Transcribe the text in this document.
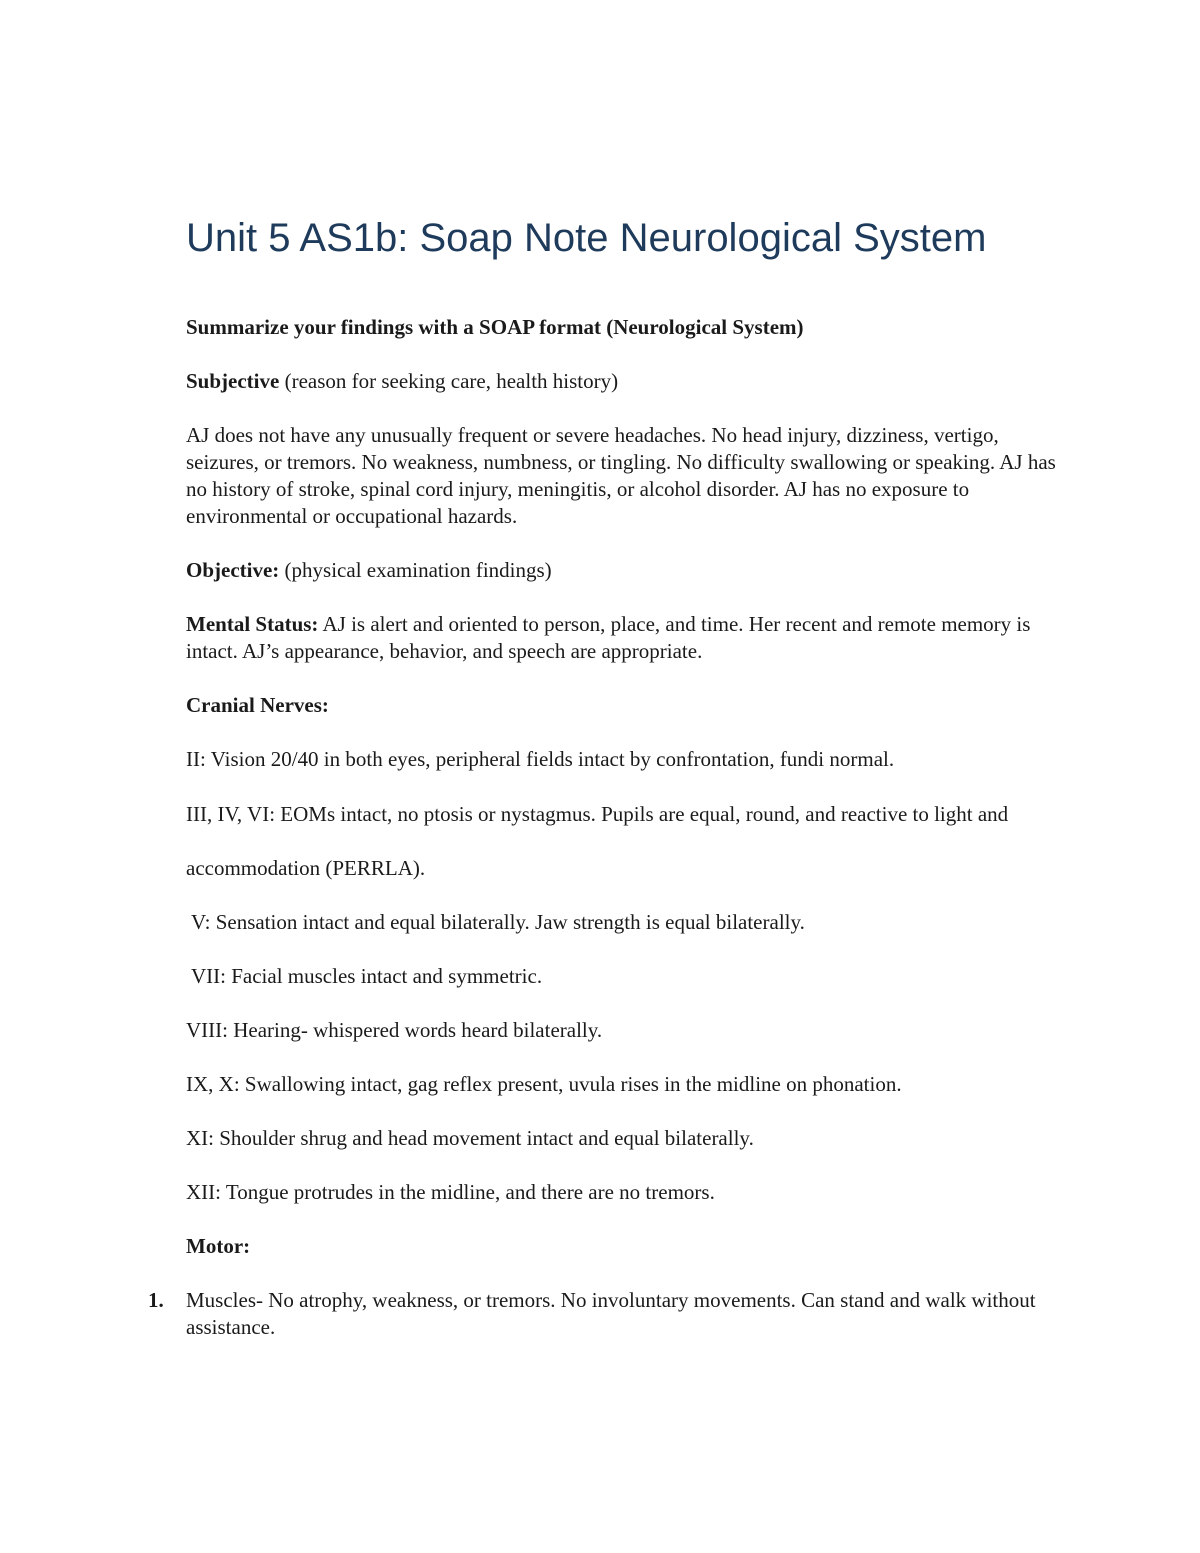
Unit 5 AS1b: Soap Note Neurological System

Summarize your findings with a SOAP format (Neurological System)

Subjective (reason for seeking care, health history)

AJ does not have any unusually frequent or severe headaches. No head injury, dizziness, vertigo, seizures, or tremors. No weakness, numbness, or tingling. No difficulty swallowing or speaking. AJ has no history of stroke, spinal cord injury, meningitis, or alcohol disorder. AJ has no exposure to environmental or occupational hazards.

Objective: (physical examination findings)

Mental Status: AJ is alert and oriented to person, place, and time. Her recent and remote memory is intact. AJ’s appearance, behavior, and speech are appropriate.

Cranial Nerves:

II: Vision 20/40 in both eyes, peripheral fields intact by confrontation, fundi normal.
III, IV, VI: EOMs intact, no ptosis or nystagmus. Pupils are equal, round, and reactive to light and accommodation (PERRLA).
V: Sensation intact and equal bilaterally. Jaw strength is equal bilaterally.
VII: Facial muscles intact and symmetric.
VIII: Hearing- whispered words heard bilaterally.
IX, X: Swallowing intact, gag reflex present, uvula rises in the midline on phonation.
XI: Shoulder shrug and head movement intact and equal bilaterally.
XII: Tongue protrudes in the midline, and there are no tremors.

Motor:

1. Muscles- No atrophy, weakness, or tremors. No involuntary movements. Can stand and walk without assistance.
